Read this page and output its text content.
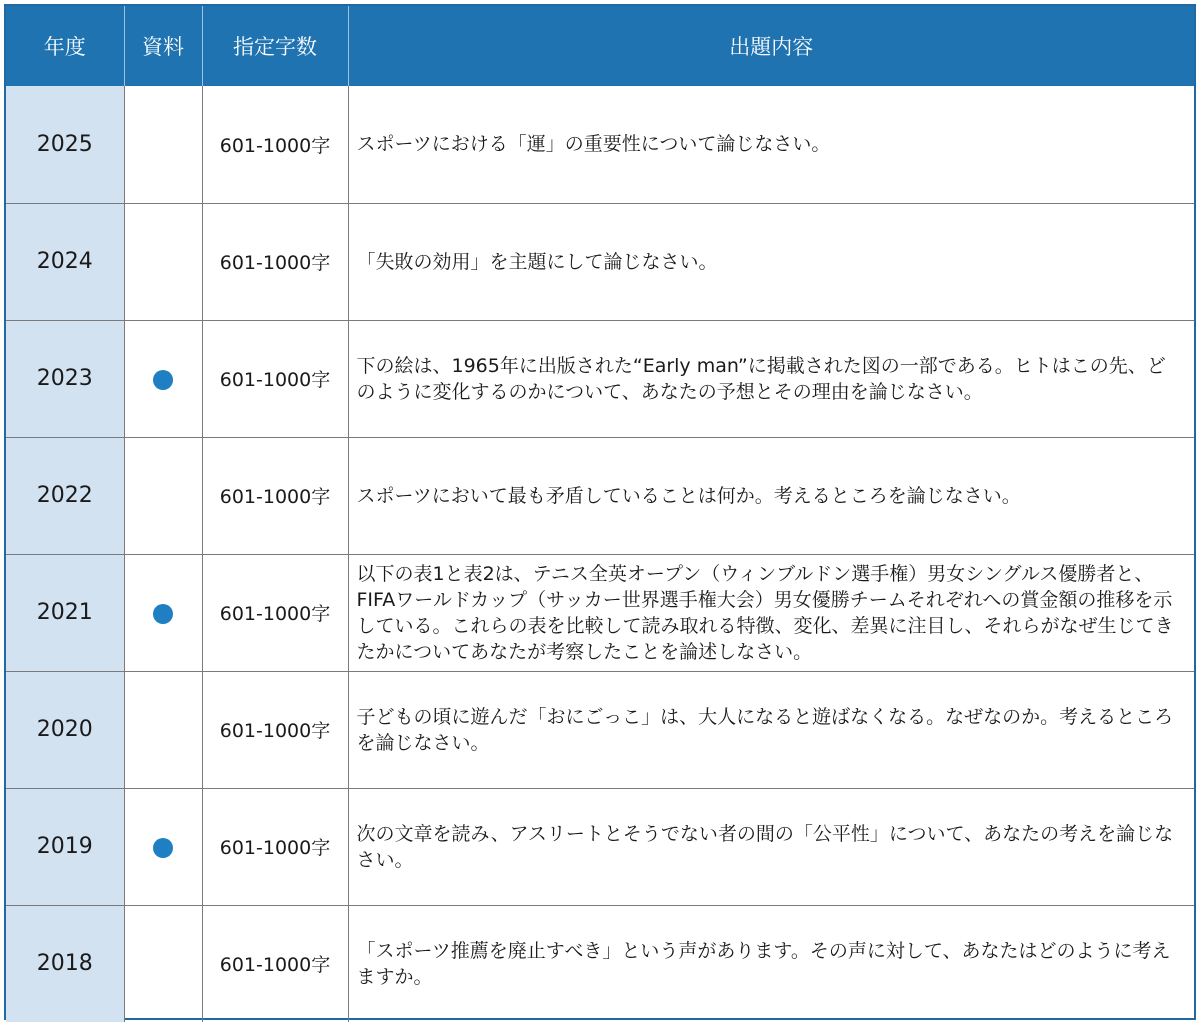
年度	資料	指定字数	出題内容
2025		601-1000字	スポーツにおける「運」の重要性について論じなさい。
2024		601-1000字	「失敗の効用」を主題にして論じなさい。
2023		601-1000字	下の絵は、1965年に出版された“Early man”に掲載された図の一部である。ヒトはこの先、どのように変化するのかについて、あなたの予想とその理由を論じなさい。
2022		601-1000字	スポーツにおいて最も矛盾していることは何か。考えるところを論じなさい。
2021		601-1000字	以下の表1と表2は、テニス全英オープン（ウィンブルドン選手権）男女シングルス優勝者と、FIFAワールドカップ（サッカー世界選手権大会）男女優勝チームそれぞれへの賞金額の推移を示している。これらの表を比較して読み取れる特徴、変化、差異に注目し、それらがなぜ生じてきたかについてあなたが考察したことを論述しなさい。
2020		601-1000字	子どもの頃に遊んだ「おにごっこ」は、大人になると遊ばなくなる。なぜなのか。考えるところを論じなさい。
2019		601-1000字	次の文章を読み、アスリートとそうでない者の間の「公平性」について、あなたの考えを論じなさい。
2018		601-1000字	「スポーツ推薦を廃止すべき」という声があります。その声に対して、あなたはどのように考えますか。
